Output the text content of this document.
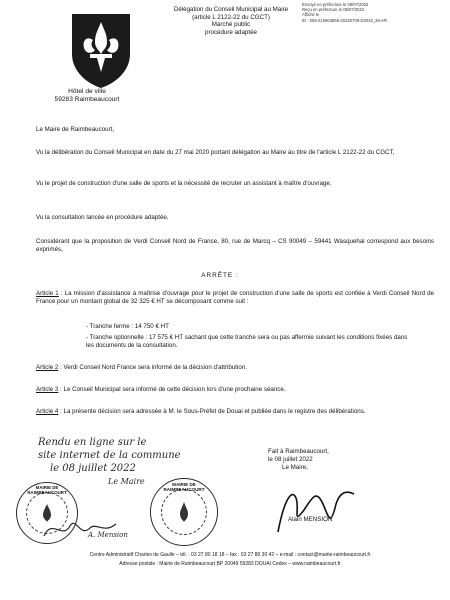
Délégation du Conseil Municipal au Maire
(article L 2122-22 du CGCT)
Marché public
procédure adaptée
Envoyé en préfecture le 08/07/2022
Reçu en préfecture le 08/07/2022
Affiché le
ID : 059-215904855-20220708-D2022_28-AR
Hôtel de ville
59283 Raimbeaucourt
Le Maire de Raimbeaucourt,
Vu la délibération du Conseil Municipal en date du 27 mai 2020 portant délégation au Maire au titre de l'article L 2122-22 du CGCT,
Vu le projet de construction d'une salle de sports et la nécessité de recruter un assistant à maître d'ouvrage,
Vu la consultation lancée en procédure adaptée,
Considérant que la proposition de Verdi Conseil Nord de France, 80, rue de Marcq – CS 90049 – 59441 Wasquehal correspond aux besoins exprimés,
ARRÊTE :
Article 1 : La mission d'assistance à maîtrise d'ouvrage pour le projet de construction d'une salle de sports est confiée à Verdi Conseil Nord de France pour un montant global de 32 325 € HT se décomposant comme suit :
- Tranche ferme : 14 750 € HT
- Tranche optionnelle : 17 575 € HT sachant que cette tranche sera ou pas affermie suivant les conditions fixées dans les documents de la consultation.
Article 2 : Verdi Conseil Nord France sera informé de la décision d'attribution.
Article 3 : Le Conseil Municipal sera informé de cette décision lors d'une prochaine séance.
Article 4 : La présente décision sera adressée à M. le Sous-Préfet de Douai et publiée dans le registre des délibérations.
Rendu en ligne sur le
site internet de la commune
le 08 juillet 2022
Le Maire
Fait à Raimbeaucourt,
le 08 juillet 2022
Le Maire,
MAIRIE DE RAIMBEAUCOURT
MAIRIE DE RAIMBEAUCOURT
A. Mension
Alain MENSION
Centre Administratif Charles de Gaulle – tél. : 03 27 80 18 18 – fax : 03 27 80 30 42 – e-mail : contact@mairie-raimbeaucourt.fr
Adresse postale : Mairie de Raimbeaucourt BP 20049 59283 DOUAI Cedex – www.raimbeaucourt.fr
